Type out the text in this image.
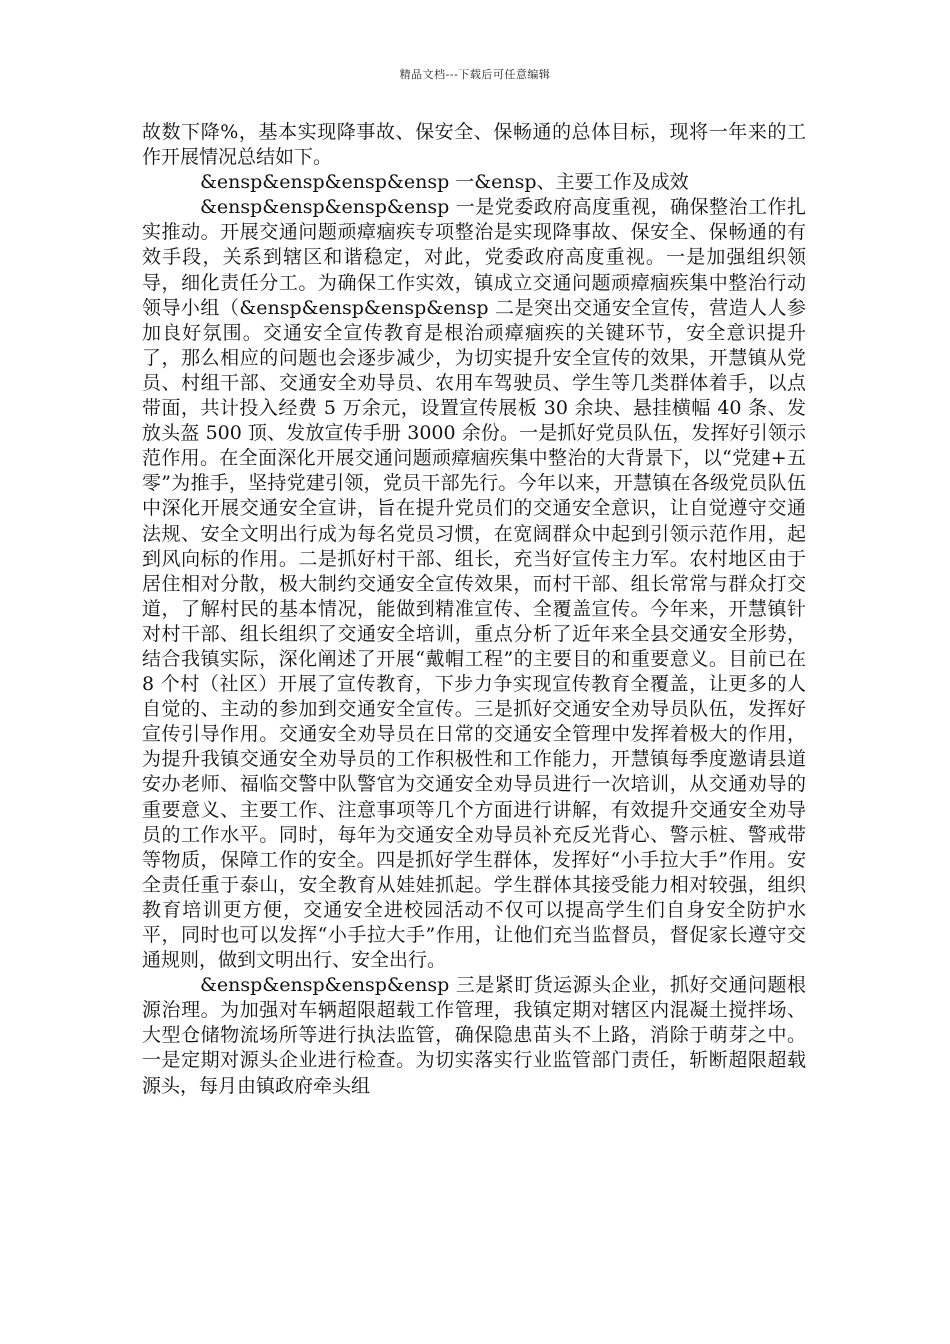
精品文档---下载后可任意编辑

故数下降%，基本实现降事故、保安全、保畅通的总体目标，现将一年来的工作开展情况总结如下。

&ensp&ensp&ensp&ensp 一&ensp、主要工作及成效

&ensp&ensp&ensp&ensp 一是党委政府高度重视，确保整治工作扎实推动。开展交通问题顽瘴痼疾专项整治是实现降事故、保安全、保畅通的有效手段，关系到辖区和谐稳定，对此，党委政府高度重视。一是加强组织领导，细化责任分工。为确保工作实效，镇成立交通问题顽瘴痼疾集中整治行动领导小组（&ensp&ensp&ensp&ensp 二是突出交通安全宣传，营造人人参加良好氛围。交通安全宣传教育是根治顽瘴痼疾的关键环节，安全意识提升了，那么相应的问题也会逐步减少，为切实提升安全宣传的效果，开慧镇从党员、村组干部、交通安全劝导员、农用车驾驶员、学生等几类群体着手，以点带面，共计投入经费 5 万余元，设置宣传展板 30 余块、悬挂横幅 40 条、发放头盔 500 顶、发放宣传手册 3000 余份。一是抓好党员队伍，发挥好引领示范作用。在全面深化开展交通问题顽瘴痼疾集中整治的大背景下，以“党建+五零”为推手，坚持党建引领，党员干部先行。今年以来，开慧镇在各级党员队伍中深化开展交通安全宣讲，旨在提升党员们的交通安全意识，让自觉遵守交通法规、安全文明出行成为每名党员习惯，在宽阔群众中起到引领示范作用，起到风向标的作用。二是抓好村干部、组长，充当好宣传主力军。农村地区由于居住相对分散，极大制约交通安全宣传效果，而村干部、组长常常与群众打交道，了解村民的基本情况，能做到精准宣传、全覆盖宣传。今年来，开慧镇针对村干部、组长组织了交通安全培训，重点分析了近年来全县交通安全形势，结合我镇实际，深化阐述了开展“戴帽工程”的主要目的和重要意义。目前已在 8 个村（社区）开展了宣传教育，下步力争实现宣传教育全覆盖，让更多的人自觉的、主动的参加到交通安全宣传。三是抓好交通安全劝导员队伍，发挥好宣传引导作用。交通安全劝导员在日常的交通安全管理中发挥着极大的作用，为提升我镇交通安全劝导员的工作积极性和工作能力，开慧镇每季度邀请县道安办老师、福临交警中队警官为交通安全劝导员进行一次培训，从交通劝导的重要意义、主要工作、注意事项等几个方面进行讲解，有效提升交通安全劝导员的工作水平。同时，每年为交通安全劝导员补充反光背心、警示桩、警戒带等物质，保障工作的安全。四是抓好学生群体，发挥好“小手拉大手”作用。安全责任重于泰山，安全教育从娃娃抓起。学生群体其接受能力相对较强，组织教育培训更方便，交通安全进校园活动不仅可以提高学生们自身安全防护水平，同时也可以发挥“小手拉大手”作用，让他们充当监督员，督促家长遵守交通规则，做到文明出行、安全出行。

&ensp&ensp&ensp&ensp 三是紧盯货运源头企业，抓好交通问题根源治理。为加强对车辆超限超载工作管理，我镇定期对辖区内混凝土搅拌场、大型仓储物流场所等进行执法监管，确保隐患苗头不上路，消除于萌芽之中。一是定期对源头企业进行检查。为切实落实行业监管部门责任，斩断超限超载源头，每月由镇政府牵头组
